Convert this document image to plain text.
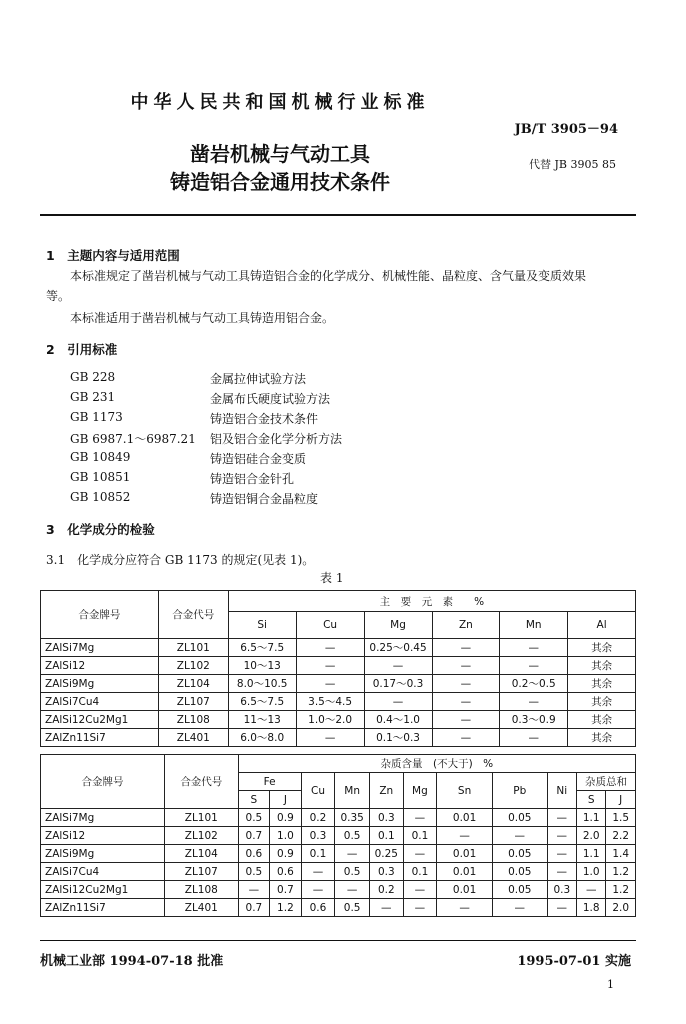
中华人民共和国机械行业标准
JB/T 3905－94
凿岩机械与气动工具	代替 JB 3905 85
铸造铝合金通用技术条件
1　主题内容与适用范围
本标准规定了凿岩机械与气动工具铸造铝合金的化学成分、机械性能、晶粒度、含气量及变质效果
等。
本标准适用于凿岩机械与气动工具铸造用铝合金。
2　引用标准
GB 228	金属拉伸试验方法
GB 231	金属布氏硬度试验方法
GB 1173	铸造铝合金技术条件
GB 6987.1～6987.21 铝及铝合金化学分析方法
GB 10849	铸造铝硅合金变质
GB 10851	铸造铝合金针孔
GB 10852	铸造铝铜合金晶粒度
3　化学成分的检验
3.1　化学成分应符合 GB 1173 的规定(见表 1)。
表 1
合金牌号	合金代号	主　要　元　素　　%					
		Si	Cu	Mg	Zn	Mn	Al
ZAlSi7Mg	ZL101	6.5～7.5	—	0.25～0.45	—	—	其余
ZAlSi12	ZL102	10～13	—	—	—	—	其余
ZAlSi9Mg	ZL104	8.0～10.5	—	0.17～0.3	—	0.2～0.5	其余
ZAlSi7Cu4	ZL107	6.5～7.5	3.5～4.5	—	—	—	其余
ZAlSi12Cu2Mg1	ZL108	11～13	1.0～2.0	0.4～1.0	—	0.3～0.9	其余
ZAlZn11Si7	ZL401	6.0～8.0	—	0.1～0.3	—	—	其余
合金牌号	合金代号	杂质含量　(不大于)　%										
		Fe		Cu	Mn	Zn	Mg	Sn	Pb	Ni	杂质总和	
		S	J								S	J
ZAlSi7Mg	ZL101	0.5	0.9	0.2	0.35	0.3	—	0.01	0.05	—	1.1	1.5
ZAlSi12	ZL102	0.7	1.0	0.3	0.5	0.1	0.1	—	—	—	2.0	2.2
ZAlSi9Mg	ZL104	0.6	0.9	0.1	—	0.25	—	0.01	0.05	—	1.1	1.4
ZAlSi7Cu4	ZL107	0.5	0.6	—	0.5	0.3	0.1	0.01	0.05	—	1.0	1.2
ZAlSi12Cu2Mg1	ZL108	—	0.7	—	—	0.2	—	0.01	0.05	0.3	—	1.2
ZAlZn11Si7	ZL401	0.7	1.2	0.6	0.5	—	—	—	—	—	1.8	2.0
机械工业部 1994-07-18 批准	1995-07-01 实施
1
